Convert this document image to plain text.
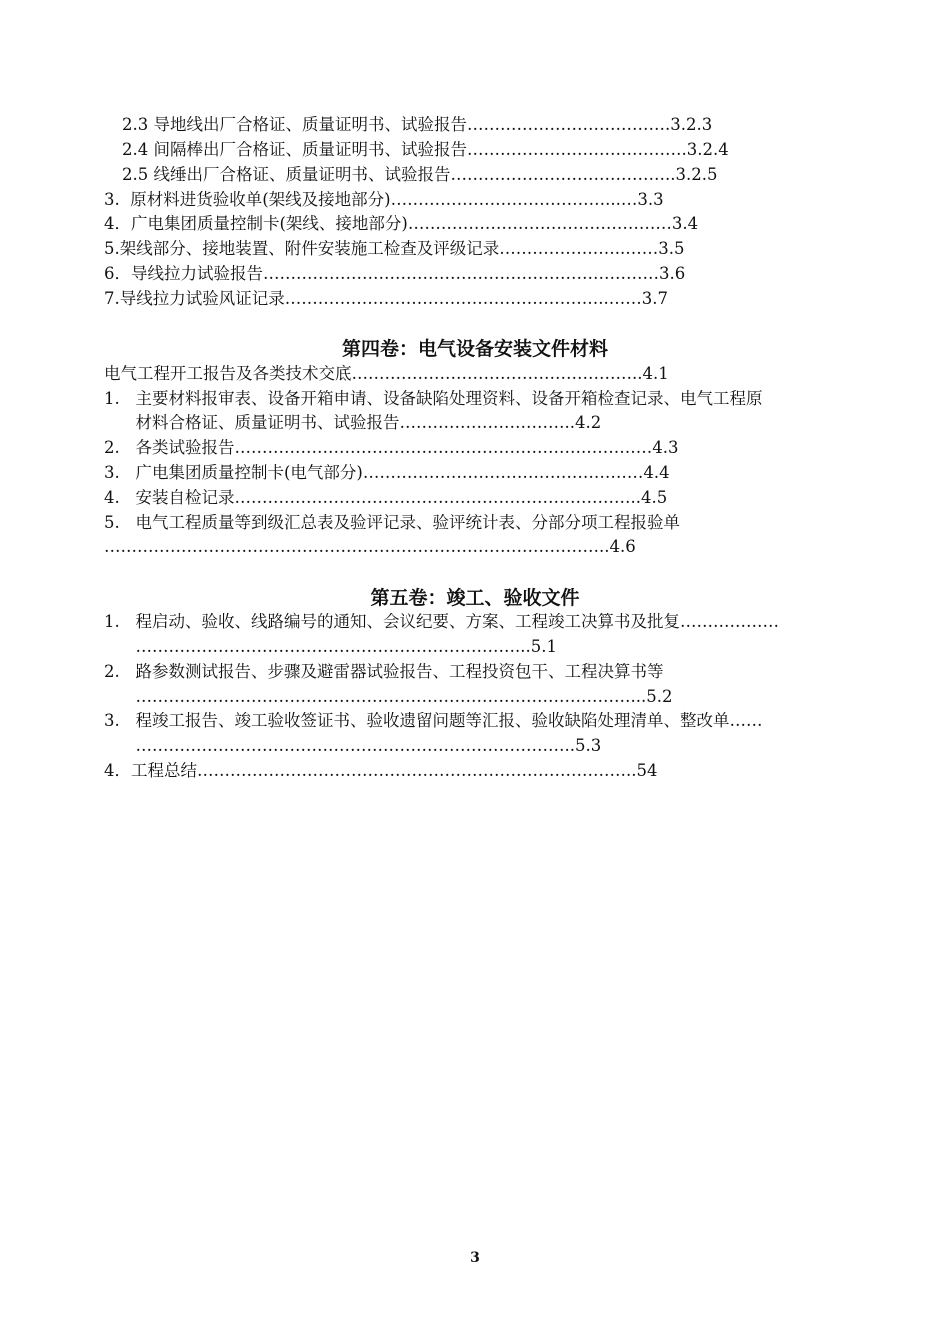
2.3 导地线出厂合格证、质量证明书、试验报告……………………………….3.2.3
2.4 间隔棒出厂合格证、质量证明书、试验报告………………………………….3.2.4
2.5 线缍出厂合格证、质量证明书、试验报告…………………………………..3.2.5
3.  原材料进货验收单(架线及接地部分)…………………………………...…3.3
4．广电集团质量控制卡(架线、接地部分)…………………………………………3.4
5.架线部分、接地装置、附件安装施工检查及评级记录…………………..……3.5
6．导线拉力试验报告………………………………………………………………3.6
7.导线拉力试验风证记录…………………………………………………..……3.7
第四卷：电气设备安装文件材料
电气工程开工报告及各类技术交底……………………………………………..4.1
1.   主要材料报审表、设备开箱申请、设备缺陷处理资料、设备开箱检查记录、电气工程原
材料合格证、质量证明书、试验报告…………………………..4.2
2.   各类试验报告……………………………………………………….…………4.3
3.   广电集团质量控制卡(电气部分)……………………………………………4.4
4.   安装自检记录………………………………………………………………..4.5
5.   电气工程质量等到级汇总表及验评记录、验评统计表、分部分项工程报验单
………………………………………………………………………………..4.6
第五卷：竣工、验收文件
1.   程启动、验收、线路编号的通知、会议纪要、方案、工程竣工决算书及批复………………
……………………………………………………………...5.1
2.   路参数测试报告、步骤及避雷器试验报告、工程投资包干、工程决算书等
………………………………………………………………………………...5.2
3.   程竣工报告、竣工验收签证书、验收遗留问题等汇报、验收缺陷处理清单、整改单……
……………………………………………………………………..5.3
4．工程总结……………………………………………………………………..54
3
